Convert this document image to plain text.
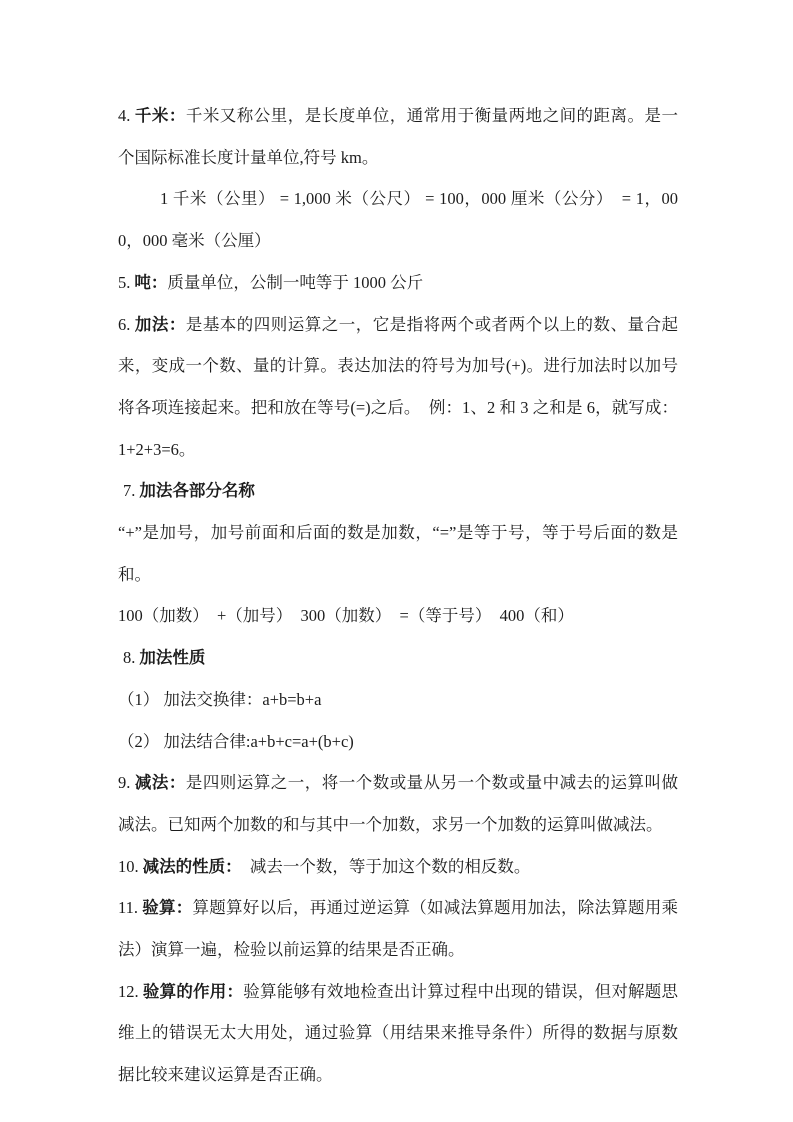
4. 千米：千米又称公里，是长度单位，通常用于衡量两地之间的距离。是一个国际标准长度计量单位,符号 km。

1 千米（公里） = 1,000 米（公尺） = 100，000 厘米（公分）　= 1，000，000 毫米（公厘）

5. 吨：质量单位，公制一吨等于 1000 公斤

6. 加法：是基本的四则运算之一，它是指将两个或者两个以上的数、量合起来，变成一个数、量的计算。表达加法的符号为加号(+)。进行加法时以加号将各项连接起来。把和放在等号(=)之后。　例：1、2 和 3 之和是 6，就写成：1+2+3=6。

7. 加法各部分名称

“+”是加号，加号前面和后面的数是加数，“=”是等于号，等于号后面的数是和。

100（加数）　+（加号）　300（加数）　=（等于号）　400（和）

8. 加法性质

（1） 加法交换律：a+b=b+a

（2） 加法结合律:a+b+c=a+(b+c)

9. 减法：是四则运算之一，将一个数或量从另一个数或量中减去的运算叫做减法。已知两个加数的和与其中一个加数，求另一个加数的运算叫做减法。

10. 减法的性质：　减去一个数，等于加这个数的相反数。

11. 验算：算题算好以后，再通过逆运算（如减法算题用加法，除法算题用乘法）演算一遍，检验以前运算的结果是否正确。

12. 验算的作用：验算能够有效地检查出计算过程中出现的错误，但对解题思维上的错误无太大用处，通过验算（用结果来推导条件）所得的数据与原数据比较来建议运算是否正确。
